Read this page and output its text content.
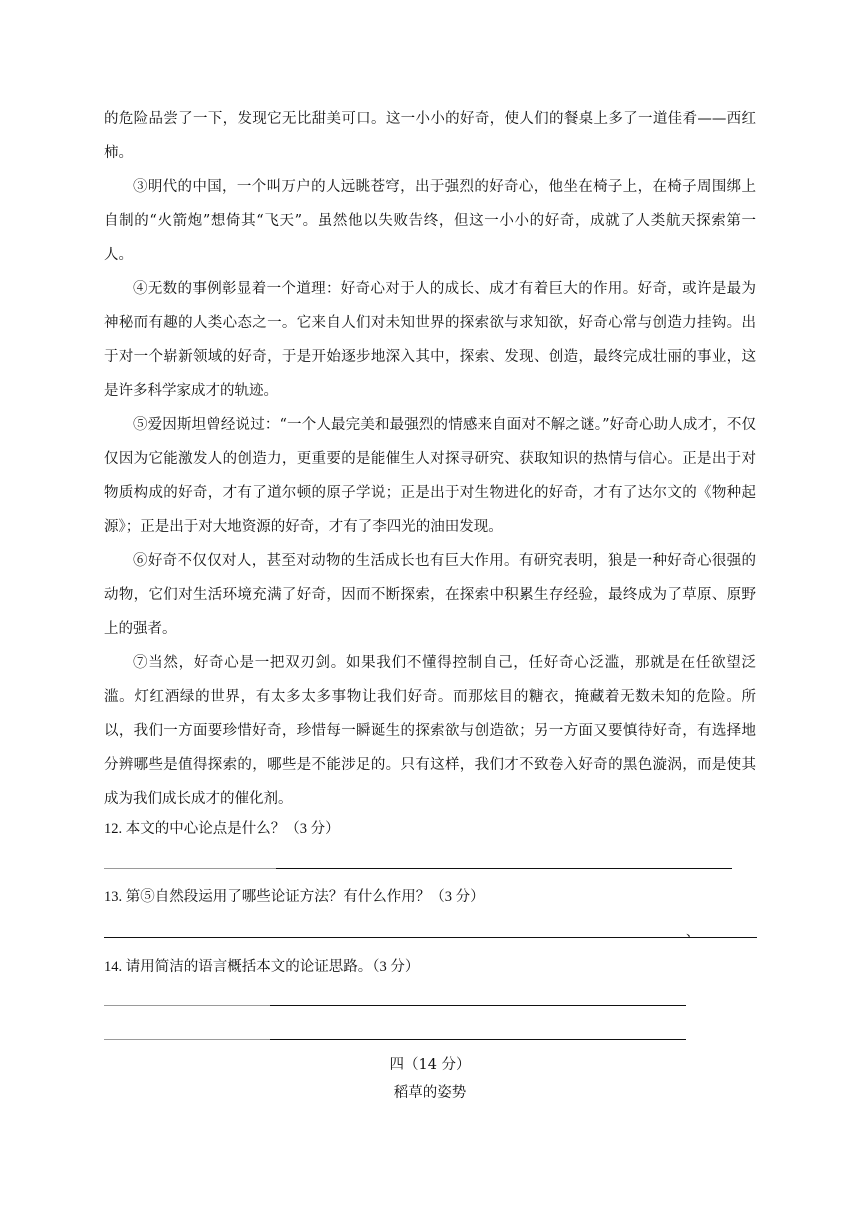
的危险品尝了一下，发现它无比甜美可口。这一小小的好奇，使人们的餐桌上多了一道佳肴——西红柿。

③明代的中国，一个叫万户的人远眺苍穹，出于强烈的好奇心，他坐在椅子上，在椅子周围绑上自制的“火箭炮”想倚其“飞天”。虽然他以失败告终，但这一小小的好奇，成就了人类航天探索第一人。

④无数的事例彰显着一个道理：好奇心对于人的成长、成才有着巨大的作用。好奇，或许是最为神秘而有趣的人类心态之一。它来自人们对未知世界的探索欲与求知欲，好奇心常与创造力挂钩。出于对一个崭新领域的好奇，于是开始逐步地深入其中，探索、发现、创造，最终完成壮丽的事业，这是许多科学家成才的轨迹。

⑤爱因斯坦曾经说过：“一个人最完美和最强烈的情感来自面对不解之谜。”好奇心助人成才，不仅仅因为它能激发人的创造力，更重要的是能催生人对探寻研究、获取知识的热情与信心。正是出于对物质构成的好奇，才有了道尔顿的原子学说；正是出于对生物进化的好奇，才有了达尔文的《物种起源》；正是出于对大地资源的好奇，才有了李四光的油田发现。

⑥好奇不仅仅对人，甚至对动物的生活成长也有巨大作用。有研究表明，狼是一种好奇心很强的动物，它们对生活环境充满了好奇，因而不断探索，在探索中积累生存经验，最终成为了草原、原野上的强者。

⑦当然，好奇心是一把双刃剑。如果我们不懂得控制自己，任好奇心泛滥，那就是在任欲望泛滥。灯红酒绿的世界，有太多太多事物让我们好奇。而那炫目的糖衣，掩藏着无数未知的危险。所以，我们一方面要珍惜好奇，珍惜每一瞬诞生的探索欲与创造欲；另一方面又要慎待好奇，有选择地分辨哪些是值得探索的，哪些是不能涉足的。只有这样，我们才不致卷入好奇的黑色漩涡，而是使其成为我们成长成才的催化剂。

12. 本文的中心论点是什么？（3 分）

13. 第⑤自然段运用了哪些论证方法？有什么作用？（3 分）

、

14. 请用简洁的语言概括本文的论证思路。（3 分）

四（14 分）

稻草的姿势
